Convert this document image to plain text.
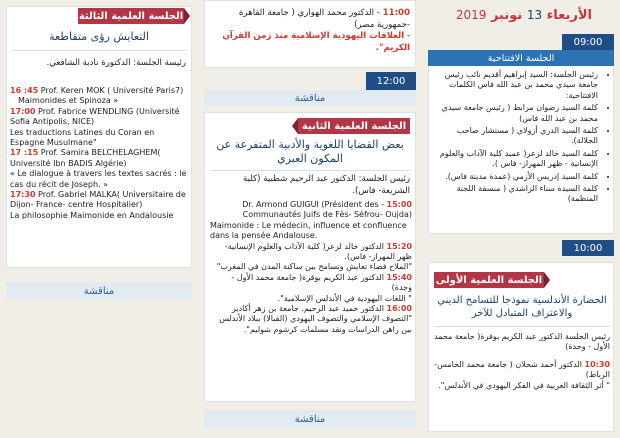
الجلسة العلمية الثالثة
التعايش رؤى متقاطعة
رئيسة الجلسة: الدكتورة نادية الشافعي.
16 :45 Prof. Keren MOK ( Université Paris7)
Maimonides et Spinoza »
17:00 Prof. Fabrice WENDLING (Université Sofia Antipolis, NICE)
Les traductions Latines du Coran en Espagne Musulmane"
17 :15 Prof. Samira BELCHELAGHEM( Université Ibn BADIS Algérie)
« Le dialogue à travers les textes sacrés : le cas du récit de Joseph. »
17:30 Prof. Gabriel MALKA( Universitaire de Dijon- France- centre Hospitalier)
La philosophie Maimonide en Andalousie
مناقشة
11:00 - الدكتور محمد الهواري ( جامعة القاهرة -جمهورية مصر)
- العلاقات اليهودية الإسلامية منذ زمن القرآن الكريم".
12:00
مناقشة
الجلسة العلمية الثانية
بعض القضايا اللغوية والأدبية المتفرعة عن المكون العبري
رئيس الجلسة: الدكتور عبد الرحيم شطبية (كلية الشريعة- فاس).
15:00 - Dr. Armond GUIGUI (Président des Communautés Juifs de Fès- Séfrou- Oujda)
Maimonide : Le médecin, influence et confluence dans la pensée Andalouse.
15:20 الدكتور خالد لزعر( كلية الآداب والعلوم الإنسانية- ظهر المهراز- فاس).
"الملاح فضاء تعايش وتسامح بين ساكنة المدن في المغرب"
15:40 الدكتور عبد الكريم بوفرة( جامعة محمد الأول - وجدة)
" اللغات اليهودية في الأندلس الإسلامية".
16:00 الدكتور حميد عبد الرحيم. جامعة بن زهر أكادير
"التصوف الإسلامي والتصوف اليهودي (القبالا) ببلاد الأندلس بين راهن الدراسات ونقد مسلمات كرشوم شوليم".
مناقشة
الأربعاء 13 نونبر 2019
09:00
الجلسة الافتتاحية
• رئيس الجلسة: السيد إبراهيم أقديم نائب رئيس جامعة سيدي محمد بن عبد الله فاس الكلمات الافتتاحية:
• كلمة السيد رضوان مرابط ( رئيس جامعة سيدي محمد بن عبد الله فاس)
• كلمة السيد الدري أزولاي ( مستشار صاحب الجلالة).
• كلمة السيد خالد لزعر( عميد كلية الآداب والعلوم الإنسانية - ظهر المهراز- فاس ).
• كلمة السيد إدريس الأزمي (عمدة مدينة فاس).
• كلمة السيدة سناء الراشدي ( منسقة اللجنة المنظمة)
10:00
الجلسة العلمية الأولى
الحضارة الأندلسية نموذجا للتسامح الديني والاعتراف المتبادل للآخر
رئيس الجلسة الدكتور عبد الكريم بوفرة( جامعة محمد الأول - وجدة)
10:30 الدكتور أحمد شحلان ( جامعة محمد الخامس- الرباط)
" أثر الثقافة العربية في الفكر اليهودي في الأندلس".
